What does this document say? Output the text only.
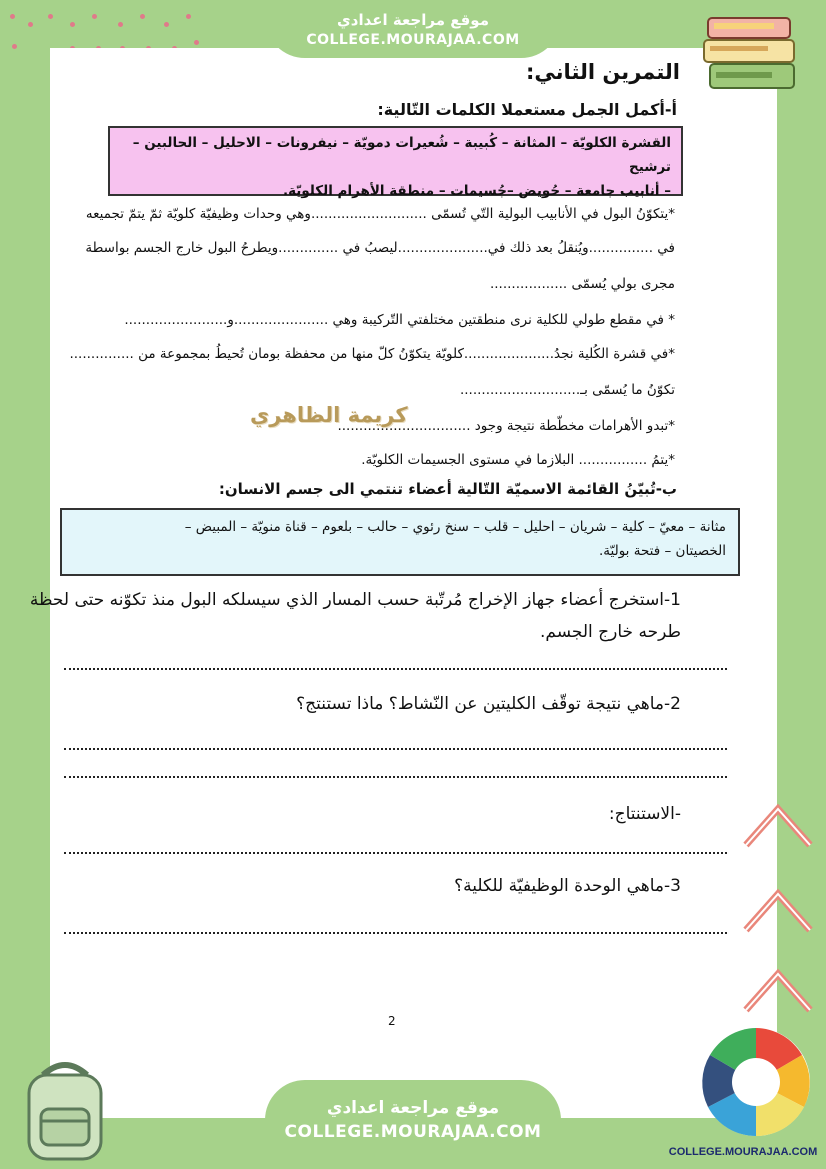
موقع مراجعة اعدادي
COLLEGE.MOURAJAA.COM
التمرين الثاني:
أ-أكمل الجمل مستعملا الكلمات التّالية:
القشرة الكلويّة – المثانة – كُبيبة – شُعيرات دمويّة – نيفرونات – الاحليل – الحالبين – ترشيح
– أنابيب جامعة – حُويض –جُسيمات – منطقة الأهرام الكلويّة.
*يتكوّنُ البول في الأنابيب البولية التّي تُسمّى ...........................وهي وحدات وظيفيّة كلويّة ثمّ يتمّ تجميعه
في ...............ويُنقلُ بعد ذلك في.....................ليصبُ في ..............ويطرحُ البول خارج الجسم بواسطة
مجرى بولي يُسمّى ..................
* في مقطع طولي للكلية نرى منطقتين مختلفتي التّركيبة وهي ......................و........................
*في قشرة الكُلية نجدُ.....................كلويّة يتكوّنُ كلّ منها من محفظة بومان تُحيطُ بمجموعة من ...............
تكوّنُ ما يُسمّى بـ............................
كريمة الظاهري
*تبدو الأهرامات مخطّطة نتيجة وجود ...............................
*يتمُ ................ البلازما في مستوى الجسيمات الكلويّة.
ب-تُبيّنُ القائمة الاسميّة التّالية أعضاء تنتمي الى جسم الانسان:
مثانة – معيّ – كلية – شريان – احليل – قلب – سنخ رئوي – حالب – بلعوم – قناة منويّة – المبيض –
الخصيتان – فتحة بوليّة.
1-استخرج أعضاء جهاز الإخراج مُرتّبة حسب المسار الذي سيسلكه البول منذ تكوّنه حتى لحظة
طرحه خارج الجسم.
2-ماهي نتيجة توقّف الكليتين عن النّشاط؟ ماذا تستنتج؟
-الاستنتاج:
3-ماهي الوحدة الوظيفيّة للكلية؟
2
موقع مراجعة اعدادي
COLLEGE.MOURAJAA.COM
COLLEGE.MOURAJAA.COM
